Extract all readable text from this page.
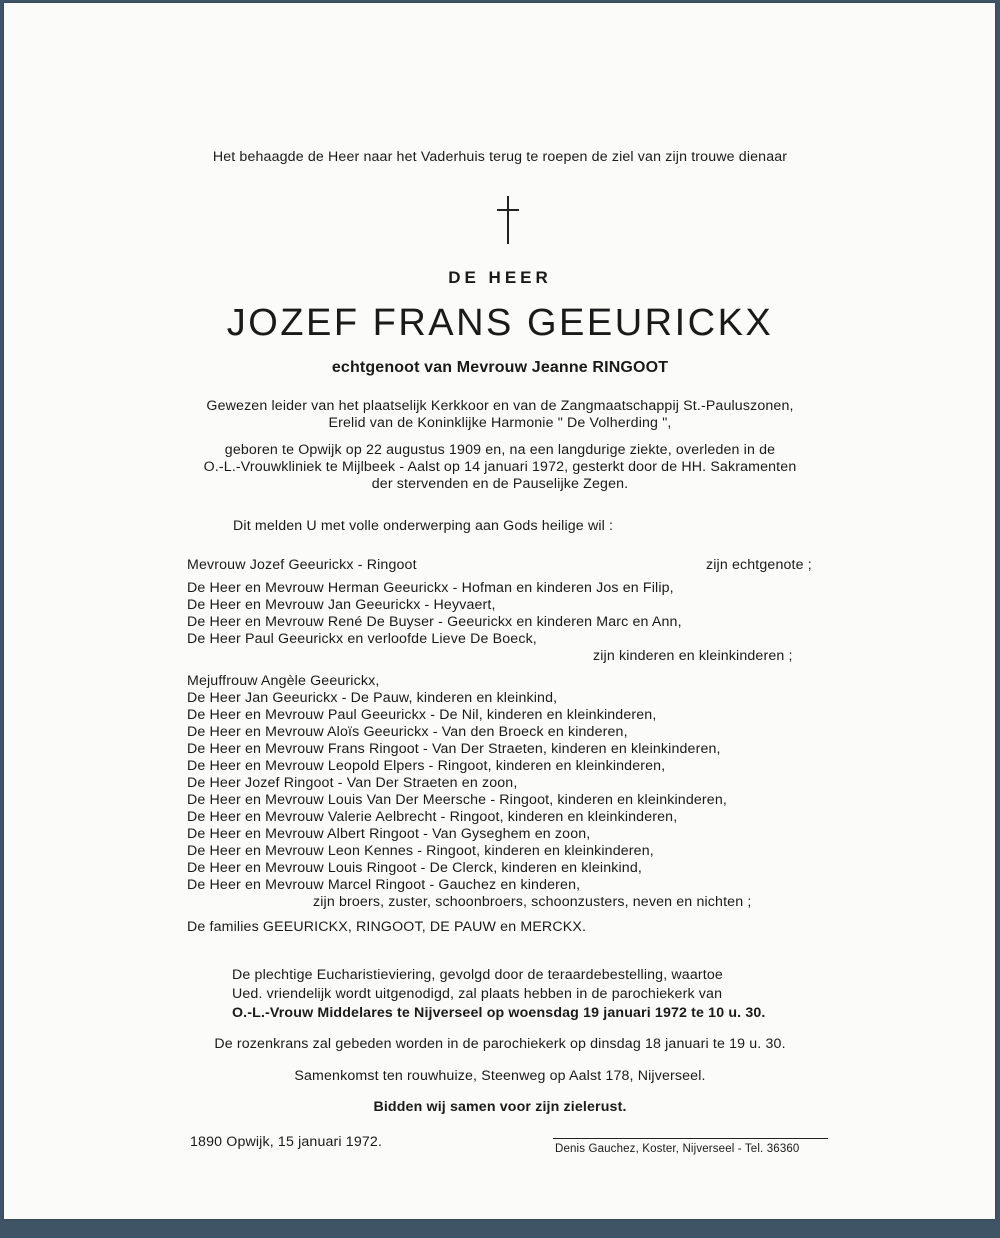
Het behaagde de Heer naar het Vaderhuis terug te roepen de ziel van zijn trouwe dienaar
DE HEER
JOZEF FRANS GEEURICKX
echtgenoot van Mevrouw Jeanne RINGOOT
Gewezen leider van het plaatselijk Kerkkoor en van de Zangmaatschappij St.-Pauluszonen,
Erelid van de Koninklijke Harmonie " De Volherding ",
geboren te Opwijk op 22 augustus 1909 en, na een langdurige ziekte, overleden in de
O.-L.-Vrouwkliniek te Mijlbeek - Aalst op 14 januari 1972, gesterkt door de HH. Sakramenten
der stervenden en de Pauselijke Zegen.
Dit melden U met volle onderwerping aan Gods heilige wil :
Mevrouw Jozef Geeurickx - Ringoot	zijn echtgenote ;
De Heer en Mevrouw Herman Geeurickx - Hofman en kinderen Jos en Filip,
De Heer en Mevrouw Jan Geeurickx - Heyvaert,
De Heer en Mevrouw René De Buyser - Geeurickx en kinderen Marc en Ann,
De Heer Paul Geeurickx en verloofde Lieve De Boeck,
zijn kinderen en kleinkinderen ;
Mejuffrouw Angèle Geeurickx,
De Heer Jan Geeurickx - De Pauw, kinderen en kleinkind,
De Heer en Mevrouw Paul Geeurickx - De Nil, kinderen en kleinkinderen,
De Heer en Mevrouw Aloïs Geeurickx - Van den Broeck en kinderen,
De Heer en Mevrouw Frans Ringoot - Van Der Straeten, kinderen en kleinkinderen,
De Heer en Mevrouw Leopold Elpers - Ringoot, kinderen en kleinkinderen,
De Heer Jozef Ringoot - Van Der Straeten en zoon,
De Heer en Mevrouw Louis Van Der Meersche - Ringoot, kinderen en kleinkinderen,
De Heer en Mevrouw Valerie Aelbrecht - Ringoot, kinderen en kleinkinderen,
De Heer en Mevrouw Albert Ringoot - Van Gyseghem en zoon,
De Heer en Mevrouw Leon Kennes - Ringoot, kinderen en kleinkinderen,
De Heer en Mevrouw Louis Ringoot - De Clerck, kinderen en kleinkind,
De Heer en Mevrouw Marcel Ringoot - Gauchez en kinderen,
zijn broers, zuster, schoonbroers, schoonzusters, neven en nichten ;
De families GEEURICKX, RINGOOT, DE PAUW en MERCKX.
De plechtige Eucharistieviering, gevolgd door de teraardebestelling, waartoe
Ued. vriendelijk wordt uitgenodigd, zal plaats hebben in de parochiekerk van
O.-L.-Vrouw Middelares te Nijverseel op woensdag 19 januari 1972 te 10 u. 30.
De rozenkrans zal gebeden worden in de parochiekerk op dinsdag 18 januari te 19 u. 30.
Samenkomst ten rouwhuize, Steenweg op Aalst 178, Nijverseel.
Bidden wij samen voor zijn zielerust.
1890 Opwijk, 15 januari 1972.	Denis Gauchez, Koster, Nijverseel - Tel. 36360
